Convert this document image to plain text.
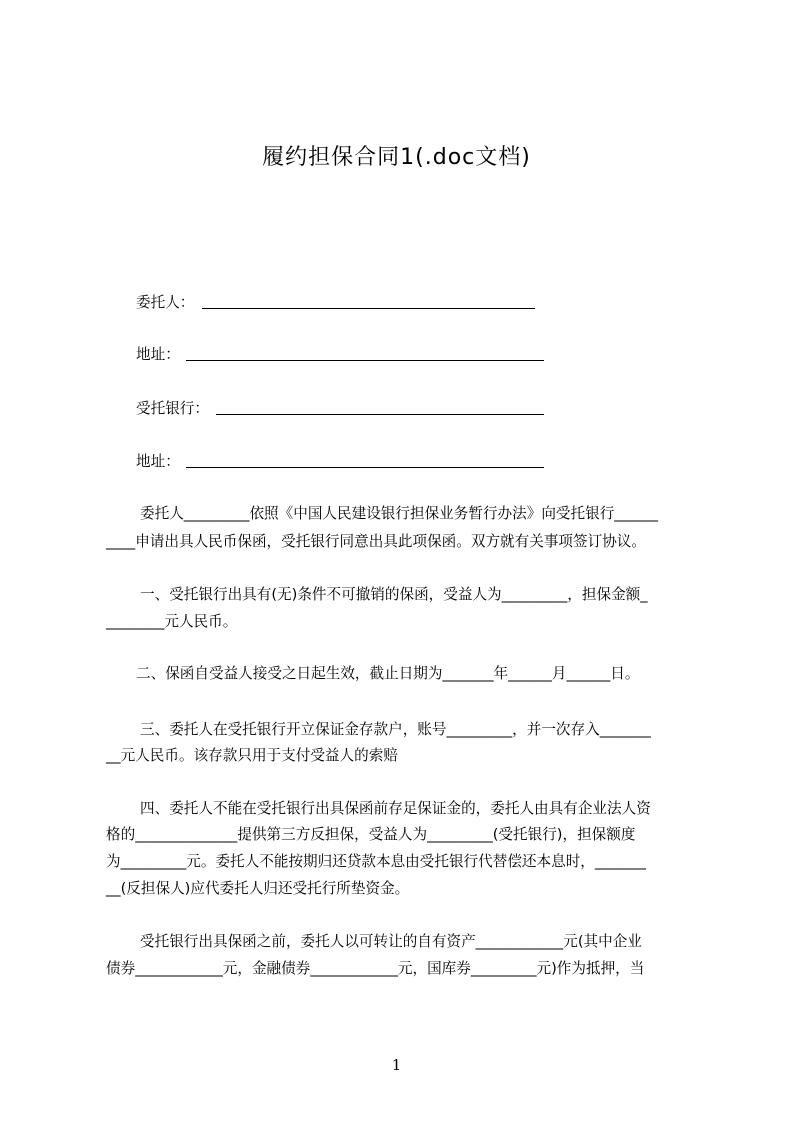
履约担保合同1(.doc文档)
委托人：
地址：
受托银行：
地址：
委托人_________依照《中国人民建设银行担保业务暂行办法》向受托银行______
____申请出具人民币保函，受托银行同意出具此项保函。双方就有关事项签订协议。
一、受托银行出具有(无)条件不可撤销的保函，受益人为_________，担保金额_
________元人民币。
二、保函自受益人接受之日起生效，截止日期为_______年______月______日。
三、委托人在受托银行开立保证金存款户，账号_________，并一次存入_______
__元人民币。该存款只用于支付受益人的索赔
四、委托人不能在受托银行出具保函前存足保证金的，委托人由具有企业法人资
格的______________提供第三方反担保，受益人为_________(受托银行)，担保额度
为_________元。委托人不能按期归还贷款本息由受托银行代替偿还本息时，_______
__(反担保人)应代委托人归还受托行所垫资金。
受托银行出具保函之前，委托人以可转让的自有资产____________元(其中企业
债券____________元，金融债券____________元，国库券_________元)作为抵押，当
1
